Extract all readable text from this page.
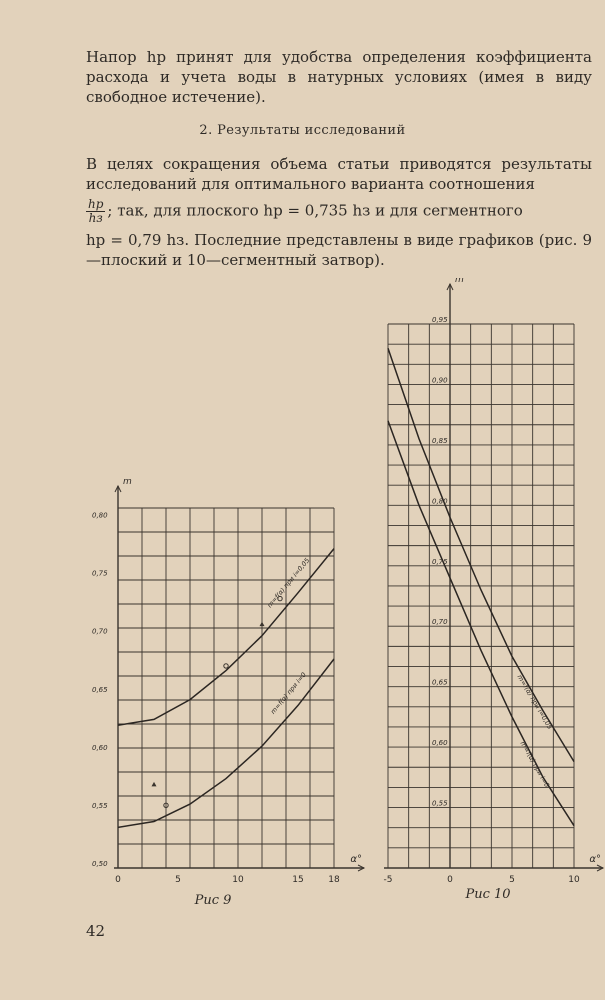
Напор hр принят для удобства определения коэффициента расхода и учета воды в натурных условиях (имея в виду свободное истечение).
2. Результаты исследований
В целях сокращения объема статьи приводятся результаты исследований для оптимального варианта соотношения
$\frac{hр}{hз}$ ; так, для плоского hр = 0,735 hз и для сегментного
hр = 0,79 hз. Последние представлены в виде графиков (рис. 9—плоский и 10—сегментный затвор).
0	5	10	15	18
0,50
0,55
0,60
0,65
0,70
0,75
0,80
m
α°
Рис 9
m=f(α) при i=0,05
m=f(α) при i=0
-5	0	5	10
0,55
0,60
0,65
0,70
0,75
0,80
0,85
0,90
0,95
m
α°
Рис 10
m=f(α) при i=0,05
m=f(α) при i=0
42
